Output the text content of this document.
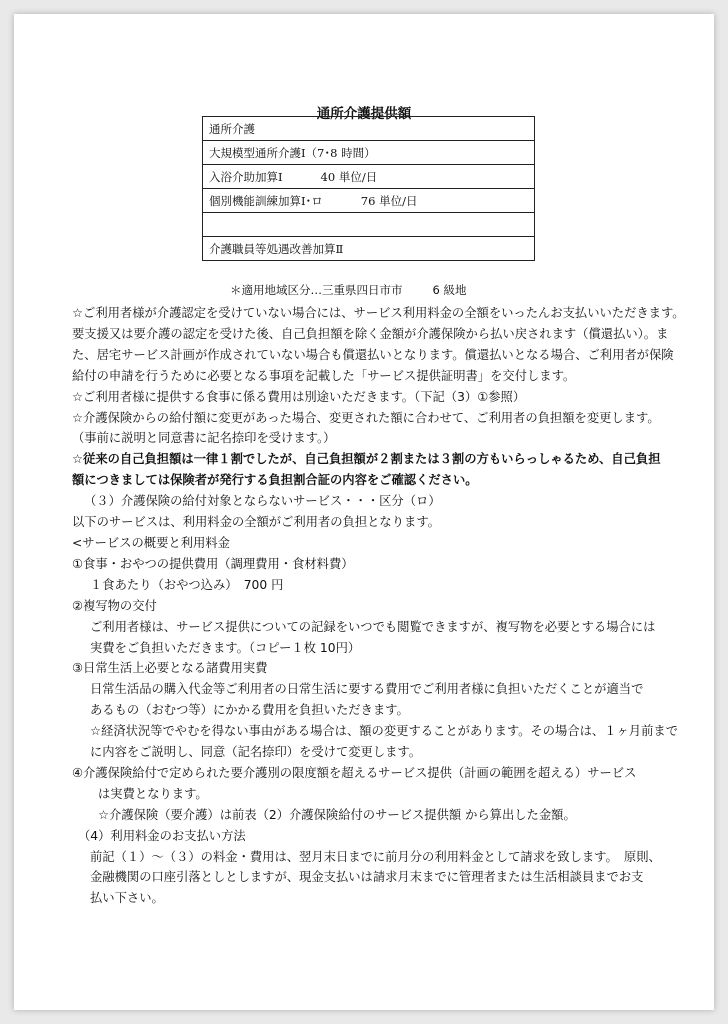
通所介護提供額
通所介護
大規模型通所介護Ⅰ（7･8 時間）
入浴介助加算Ⅰ	40 単位/日
個別機能訓練加算Ⅰ･ロ	76 単位/日

介護職員等処遇改善加算Ⅱ
＊適用地域区分…三重県四日市市	6 級地

☆ご利用者様が介護認定を受けていない場合には、サービス利用料金の全額をいったんお支払いいただきます。

要支援又は要介護の認定を受けた後、自己負担額を除く金額が介護保険から払い戻されます（償還払い）。ま

た、居宅サービス計画が作成されていない場合も償還払いとなります。償還払いとなる場合、ご利用者が保険

給付の申請を行うために必要となる事項を記載した「サービス提供証明書」を交付します。

☆ご利用者様に提供する食事に係る費用は別途いただきます。（下記（3）①参照）

☆介護保険からの給付額に変更があった場合、変更された額に合わせて、ご利用者の負担額を変更します。

（事前に説明と同意書に記名捺印を受けます。）

☆従来の自己負担額は一律１割でしたが、自己負担額が２割または３割の方もいらっしゃるため、自己負担

額につきましては保険者が発行する負担割合証の内容をご確認ください。

（３）介護保険の給付対象とならないサービス・・・区分（ロ）

以下のサービスは、利用料金の全額がご利用者の負担となります。

<サービスの概要と利用料金

①食事・おやつの提供費用（調理費用・食材料費）

１食あたり（おやつ込み）　700 円

②複写物の交付

ご利用者様は、サービス提供についての記録をいつでも閲覧できますが、複写物を必要とする場合には

実費をご負担いただきます。（コピー１枚 10円）

③日常生活上必要となる諸費用実費

日常生活品の購入代金等ご利用者の日常生活に要する費用でご利用者様に負担いただくことが適当で

あるもの（おむつ等）にかかる費用を負担いただきます。

☆経済状況等でやむを得ない事由がある場合は、額の変更することがあります。その場合は、１ヶ月前まで

に内容をご説明し、同意（記名捺印）を受けて変更します。

④介護保険給付で定められた要介護別の限度額を超えるサービス提供（計画の範囲を超える）サービス

は実費となります。

☆介護保険（要介護）は前表（2）介護保険給付のサービス提供額 から算出した金額。

（4）利用料金のお支払い方法

前記（１）～（３）の料金・費用は、翌月末日までに前月分の利用料金として請求を致します。　原則、

金融機関の口座引落としとしますが、現金支払いは請求月末までに管理者または生活相談員までお支

払い下さい。
